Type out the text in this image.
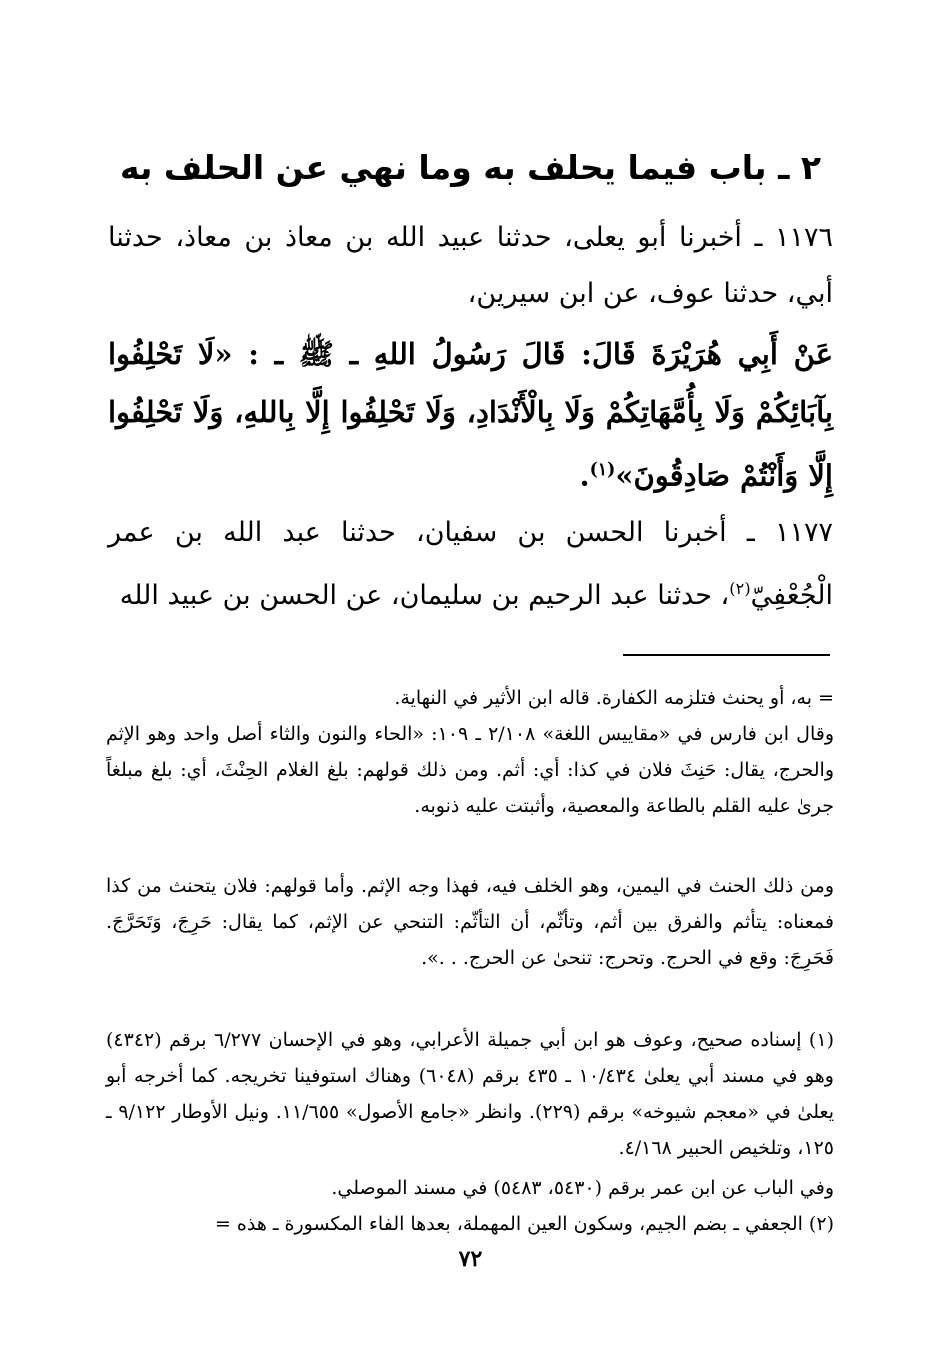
٢ ـ باب فيما يحلف به وما نهي عن الحلف به
١١٧٦ ـ أخبرنا أبو يعلى، حدثنا عبيد الله بن معاذ بن معاذ، حدثنا أبي، حدثنا عوف، عن ابن سيرين،
عَنْ أَبِي هُرَيْرَةَ قَالَ: قَالَ رَسُولُ اللهِ ـ ﷺ ـ : «لَا تَحْلِفُوا بِآبَائِكُمْ وَلَا بِأُمَّهَاتِكُمْ وَلَا بِالْأَنْدَادِ، وَلَا تَحْلِفُوا إِلَّا بِاللهِ، وَلَا تَحْلِفُوا إِلَّا وَأَنْتُمْ صَادِقُونَ»$^{(١)}$.
١١٧٧ ـ أخبرنا الحسن بن سفيان، حدثنا عبد الله بن عمر الْجُعْفِيّ$^{(٢)}$، حدثنا عبد الرحيم بن سليمان، عن الحسن بن عبيد الله
= به، أو يحنث فتلزمه الكفارة. قاله ابن الأثير في النهاية.
وقال ابن فارس في «مقاييس اللغة» ٢/١٠٨ ـ ١٠٩: «الحاء والنون والثاء أصل واحد وهو الإثم والحرج، يقال: حَنِثَ فلان في كذا: أي: أثم. ومن ذلك قولهم: بلغ الغلام الحِنْثَ، أي: بلغ مبلغاً جرىٰ عليه القلم بالطاعة والمعصية، وأثبتت عليه ذنوبه.
ومن ذلك الحنث في اليمين، وهو الخلف فيه، فهذا وجه الإثم. وأما قولهم: فلان يتحنث من كذا فمعناه: يتأثم والفرق بين أثم، وتأثّم، أن التأثّم: التنحي عن الإثم، كما يقال: حَرِجَ، وَتَحَرَّجَ. فَحَرِجَ: وقع في الحرج. وتحرج: تنحىٰ عن الحرج. . .».
(١) إسناده صحيح، وعوف هو ابن أبي جميلة الأعرابي، وهو في الإحسان ٦/٢٧٧ برقم (٤٣٤٢) وهو في مسند أبي يعلىٰ ١٠/٤٣٤ ـ ٤٣٥ برقم (٦٠٤٨) وهناك استوفينا تخريجه. كما أخرجه أبو يعلىٰ في «معجم شيوخه» برقم (٢٢٩). وانظر «جامع الأصول» ١١/٦٥٥. ونيل الأوطار ٩/١٢٢ ـ ١٢٥، وتلخيص الحبير ٤/١٦٨.
وفي الباب عن ابن عمر برقم (٥٤٣٠، ٥٤٨٣) في مسند الموصلي.
(٢) الجعفي ـ بضم الجيم، وسكون العين المهملة، بعدها الفاء المكسورة ـ هذه =
٧٢
